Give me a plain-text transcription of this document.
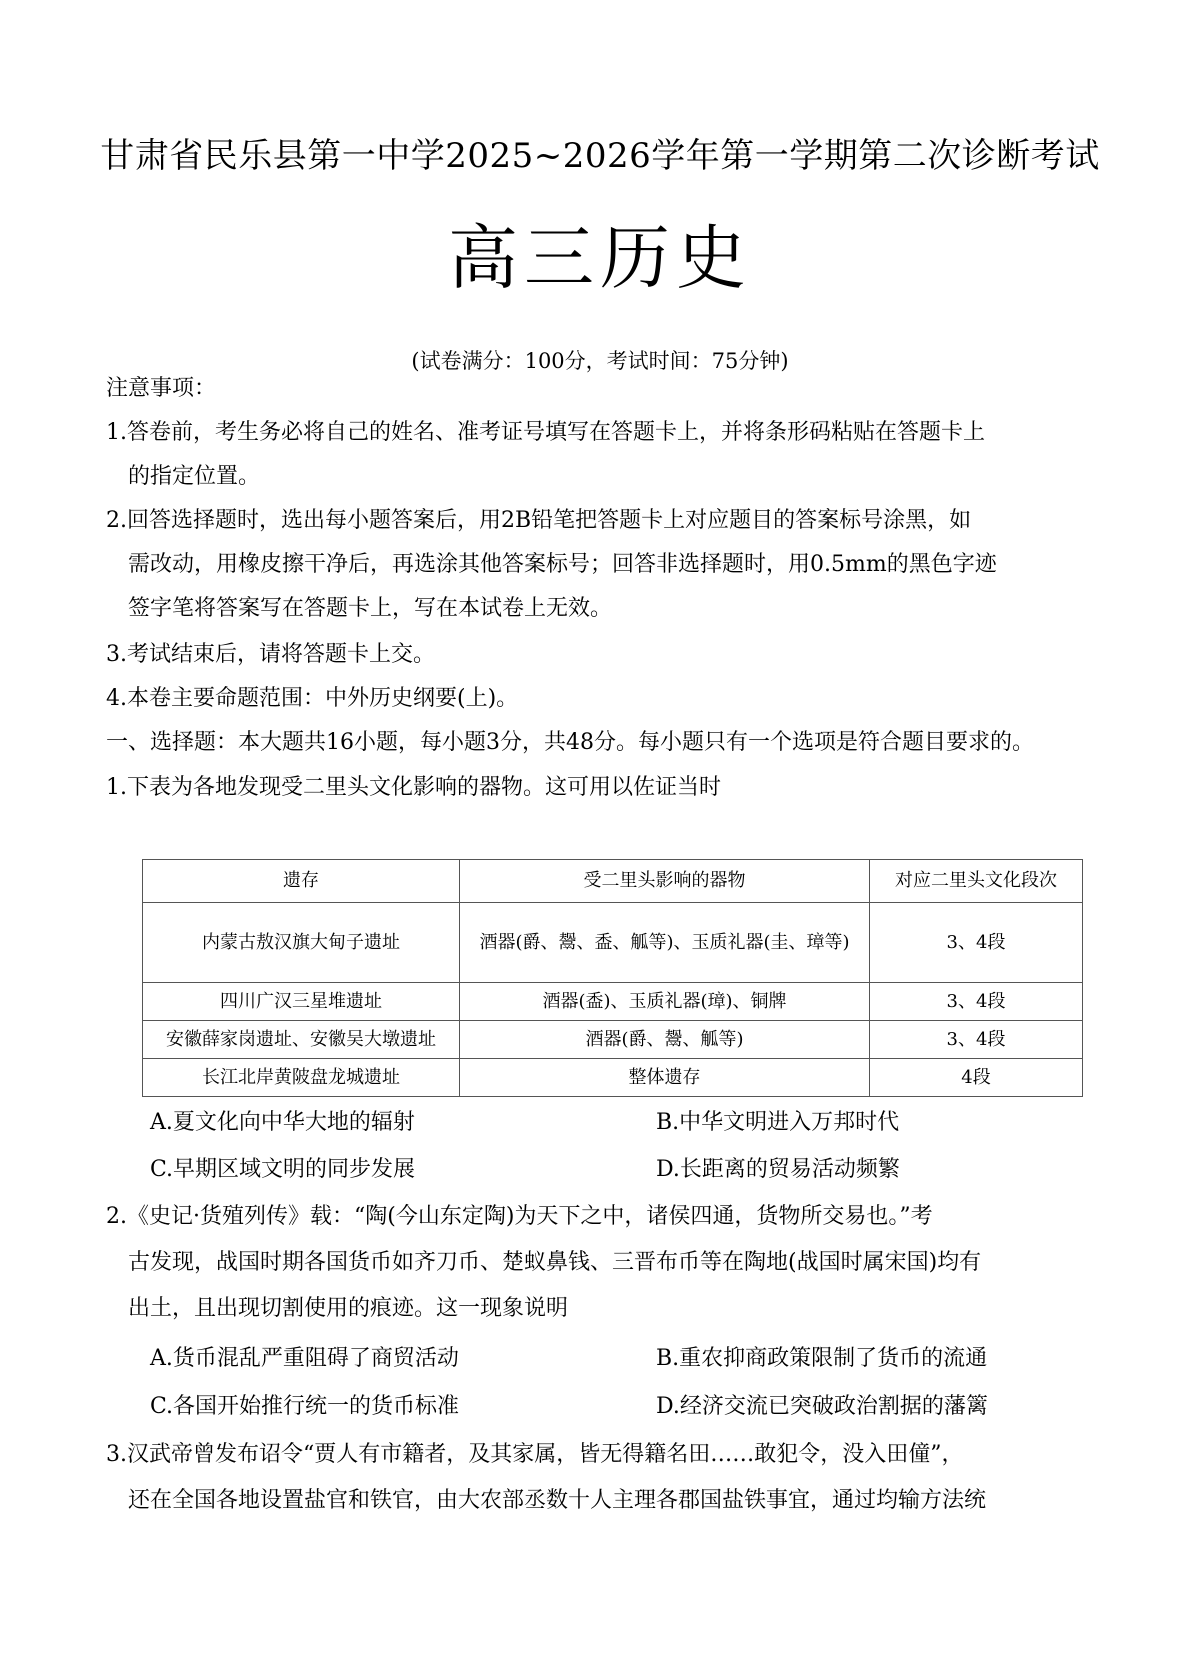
甘肃省民乐县第一中学2025~2026学年第一学期第二次诊断考试
高三历史
(试卷满分：100分，考试时间：75分钟)
注意事项：
1.答卷前，考生务必将自己的姓名、准考证号填写在答题卡上，并将条形码粘贴在答题卡上
的指定位置。
2.回答选择题时，选出每小题答案后，用2B铅笔把答题卡上对应题目的答案标号涂黑，如
需改动，用橡皮擦干净后，再选涂其他答案标号；回答非选择题时，用0.5mm的黑色字迹
签字笔将答案写在答题卡上，写在本试卷上无效。
3.考试结束后，请将答题卡上交。
4.本卷主要命题范围：中外历史纲要(上)。
一、选择题：本大题共16小题，每小题3分，共48分。每小题只有一个选项是符合题目要求的。
1.下表为各地发现受二里头文化影响的器物。这可用以佐证当时
遗存	受二里头影响的器物	对应二里头文化段次
内蒙古敖汉旗大甸子遗址	酒器(爵、鬶、盉、觚等)、玉质礼器(圭、璋等)	3、4段
四川广汉三星堆遗址	酒器(盉)、玉质礼器(璋)、铜牌	3、4段
安徽薛家岗遗址、安徽吴大墩遗址	酒器(爵、鬶、觚等)	3、4段
长江北岸黄陂盘龙城遗址	整体遗存	4段
A.夏文化向中华大地的辐射	B.中华文明进入万邦时代
C.早期区域文明的同步发展	D.长距离的贸易活动频繁
2.《史记·货殖列传》载：“陶(今山东定陶)为天下之中，诸侯四通，货物所交易也。”考
古发现，战国时期各国货币如齐刀币、楚蚁鼻钱、三晋布币等在陶地(战国时属宋国)均有
出土，且出现切割使用的痕迹。这一现象说明
A.货币混乱严重阻碍了商贸活动	B.重农抑商政策限制了货币的流通
C.各国开始推行统一的货币标准	D.经济交流已突破政治割据的藩篱
3.汉武帝曾发布诏令“贾人有市籍者，及其家属，皆无得籍名田……敢犯令，没入田僮”，
还在全国各地设置盐官和铁官，由大农部丞数十人主理各郡国盐铁事宜，通过均输方法统
